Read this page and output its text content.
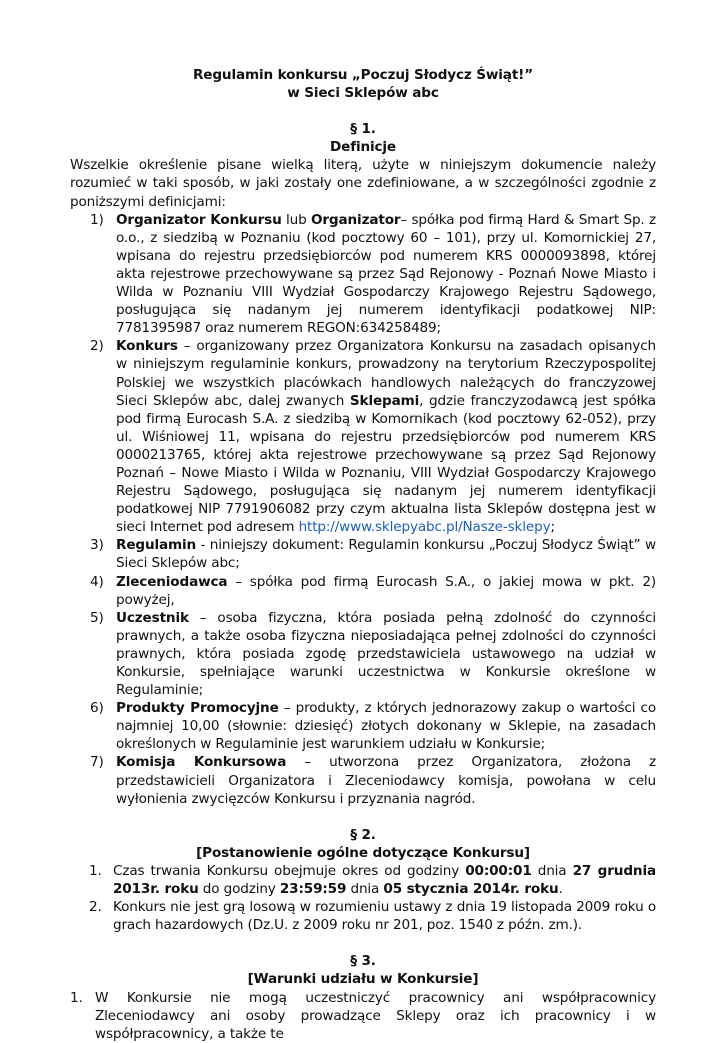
Regulamin konkursu „Poczuj Słodycz Świąt!”

w Sieci Sklepów abc

§ 1.

Definicje

Wszelkie określenie pisane wielką literą, użyte w niniejszym dokumencie należy rozumieć w taki sposób, w jaki zostały one zdefiniowane, a w szczególności zgodnie z poniższymi definicjami:

1) Organizator Konkursu lub Organizator– spółka pod firmą Hard & Smart Sp. z o.o., z siedzibą w Poznaniu (kod pocztowy 60 – 101), przy ul. Komornickiej 27, wpisana do rejestru przedsiębiorców pod numerem KRS 0000093898, której akta rejestrowe przechowywane są przez Sąd Rejonowy - Poznań Nowe Miasto i Wilda w Poznaniu VIII Wydział Gospodarczy Krajowego Rejestru Sądowego, posługująca się nadanym jej numerem identyfikacji podatkowej NIP: 7781395987 oraz numerem REGON:634258489;
2) Konkurs – organizowany przez Organizatora Konkursu na zasadach opisanych w niniejszym regulaminie konkurs, prowadzony na terytorium Rzeczypospolitej Polskiej we wszystkich placówkach handlowych należących do franczyzowej Sieci Sklepów abc, dalej zwanych Sklepami, gdzie franczyzodawcą jest spółka pod firmą Eurocash S.A. z siedzibą w Komornikach (kod pocztowy 62-052), przy ul. Wiśniowej 11, wpisana do rejestru przedsiębiorców pod numerem KRS 0000213765, której akta rejestrowe przechowywane są przez Sąd Rejonowy Poznań – Nowe Miasto i Wilda w Poznaniu, VIII Wydział Gospodarczy Krajowego Rejestru Sądowego, posługująca się nadanym jej numerem identyfikacji podatkowej NIP 7791906082 przy czym aktualna lista Sklepów dostępna jest w sieci Internet pod adresem http://www.sklepyabc.pl/Nasze-sklepy;
3) Regulamin - niniejszy dokument: Regulamin konkursu „Poczuj Słodycz Świąt” w Sieci Sklepów abc;
4) Zleceniodawca – spółka pod firmą Eurocash S.A., o jakiej mowa w pkt. 2) powyżej,
5) Uczestnik – osoba fizyczna, która posiada pełną zdolność do czynności prawnych, a także osoba fizyczna nieposiadająca pełnej zdolności do czynności prawnych, która posiada zgodę przedstawiciela ustawowego na udział w Konkursie, spełniające warunki uczestnictwa w Konkursie określone w Regulaminie;
6) Produkty Promocyjne – produkty, z których jednorazowy zakup o wartości co najmniej 10,00 (słownie: dziesięć) złotych dokonany w Sklepie, na zasadach określonych w Regulaminie jest warunkiem udziału w Konkursie;
7) Komisja Konkursowa – utworzona przez Organizatora, złożona z przedstawicieli Organizatora i Zleceniodawcy komisja, powołana w celu wyłonienia zwycięzców Konkursu i przyznania nagród.

§ 2.

[Postanowienie ogólne dotyczące Konkursu]

1. Czas trwania Konkursu obejmuje okres od godziny 00:00:01 dnia 27 grudnia 2013r. roku do godziny 23:59:59 dnia 05 stycznia 2014r. roku.
2. Konkurs nie jest grą losową w rozumieniu ustawy z dnia 19 listopada 2009 roku o grach hazardowych (Dz.U. z 2009 roku nr 201, poz. 1540 z późn. zm.).

§ 3.

[Warunki udziału w Konkursie]

1. W Konkursie nie mogą uczestniczyć pracownicy ani współpracownicy Zleceniodawcy ani osoby prowadzące Sklepy oraz ich pracownicy i w współpracownicy, a także te
